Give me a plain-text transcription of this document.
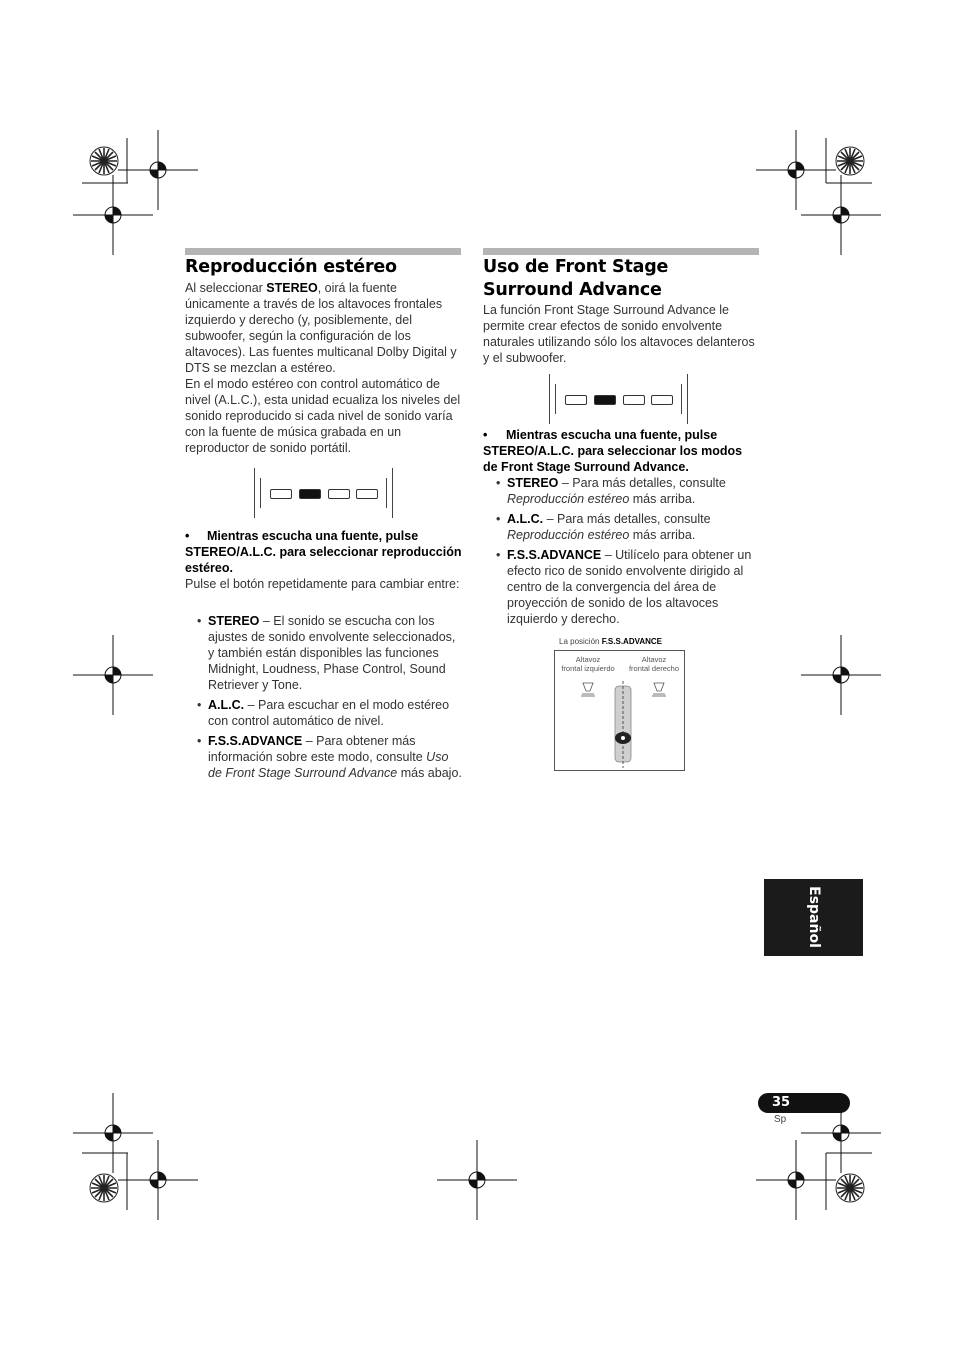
Reproducción estéreo

Al seleccionar STEREO, oirá la fuente únicamente a través de los altavoces frontales izquierdo y derecho (y, posiblemente, del subwoofer, según la configuración de los altavoces). Las fuentes multicanal Dolby Digital y DTS se mezclan a estéreo.

En el modo estéreo con control automático de nivel (A.L.C.), esta unidad ecualiza los niveles del sonido reproducido si cada nivel de sonido varía con la fuente de música grabada en un reproductor de sonido portátil.

• Mientras escucha una fuente, pulse STEREO/A.L.C. para seleccionar reproducción estéreo.
Pulse el botón repetidamente para cambiar entre:
• STEREO – El sonido se escucha con los ajustes de sonido envolvente seleccionados, y también están disponibles las funciones Midnight, Loudness, Phase Control, Sound Retriever y Tone.
• A.L.C. – Para escuchar en el modo estéreo con control automático de nivel.
• F.S.S.ADVANCE – Para obtener más información sobre este modo, consulte Uso de Front Stage Surround Advance más abajo.
Uso de Front Stage Surround Advance
La función Front Stage Surround Advance le permite crear efectos de sonido envolvente naturales utilizando sólo los altavoces delanteros y el subwoofer.
• Mientras escucha una fuente, pulse STEREO/A.L.C. para seleccionar los modos de Front Stage Surround Advance.
• STEREO – Para más detalles, consulte Reproducción estéreo más arriba.
• A.L.C. – Para más detalles, consulte Reproducción estéreo más arriba.
• F.S.S.ADVANCE – Utilícelo para obtener un efecto rico de sonido envolvente dirigido al centro de la convergencia del área de proyección de sonido de los altavoces izquierdo y derecho.
La posición F.S.S.ADVANCE
Altavoz
frontal izquierdo
Altavoz
frontal derecho
Español
35
Sp
